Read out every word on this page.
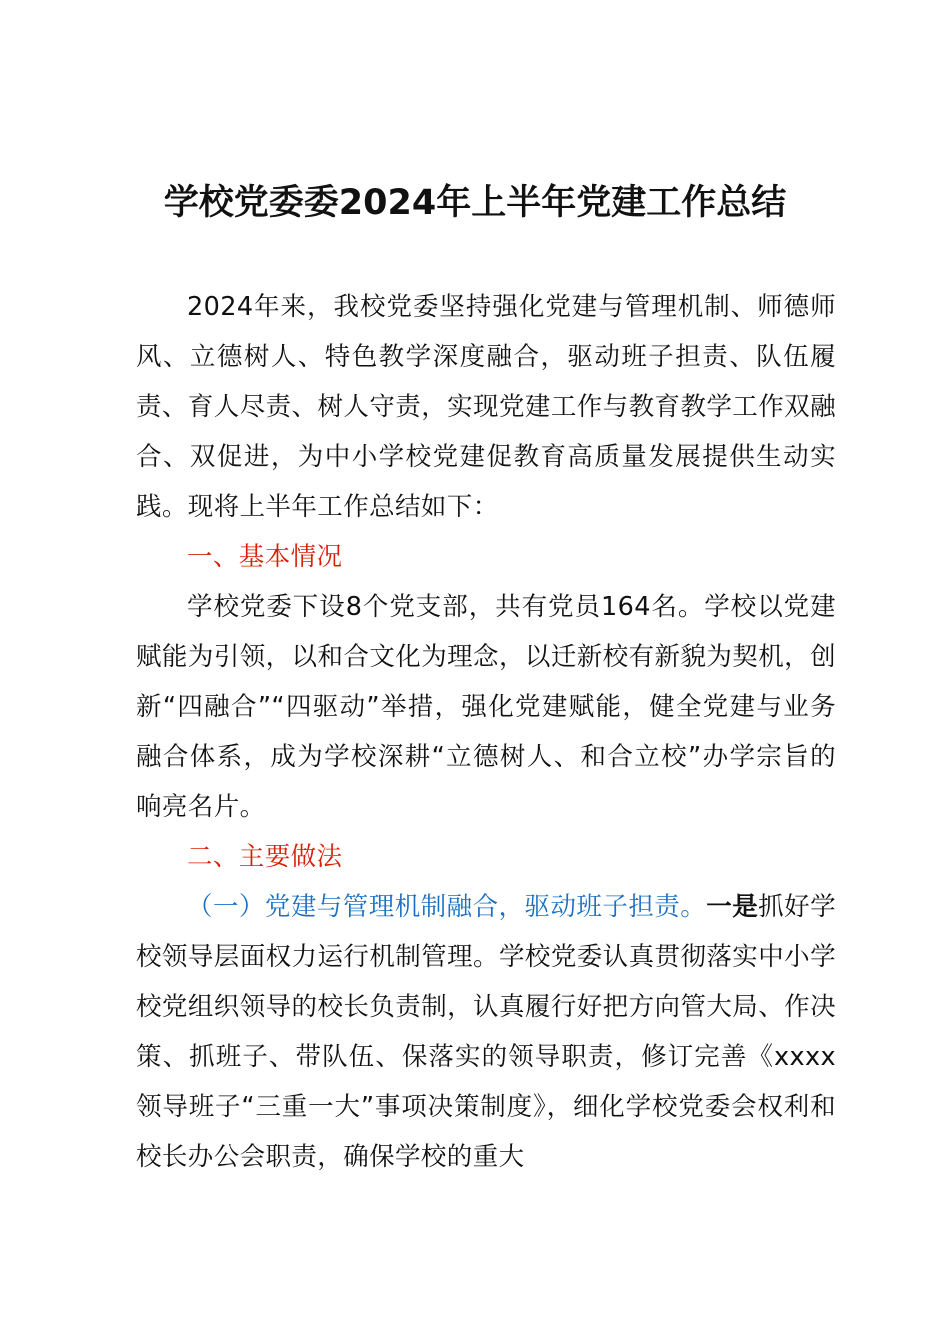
学校党委委2024年上半年党建工作总结

2024年来，我校党委坚持强化党建与管理机制、师德师风、立德树人、特色教学深度融合，驱动班子担责、队伍履责、育人尽责、树人守责，实现党建工作与教育教学工作双融合、双促进，为中小学校党建促教育高质量发展提供生动实践。现将上半年工作总结如下：

一、基本情况

学校党委下设8个党支部，共有党员164名。学校以党建赋能为引领，以和合文化为理念，以迁新校有新貌为契机，创新“四融合”“四驱动”举措，强化党建赋能，健全党建与业务融合体系，成为学校深耕“立德树人、和合立校”办学宗旨的响亮名片。

二、主要做法

（一）党建与管理机制融合，驱动班子担责。一是抓好学校领导层面权力运行机制管理。学校党委认真贯彻落实中小学校党组织领导的校长负责制，认真履行好把方向管大局、作决策、抓班子、带队伍、保落实的领导职责，修订完善《xxxx领导班子“三重一大”事项决策制度》，细化学校党委会权利和校长办公会职责，确保学校的重大
